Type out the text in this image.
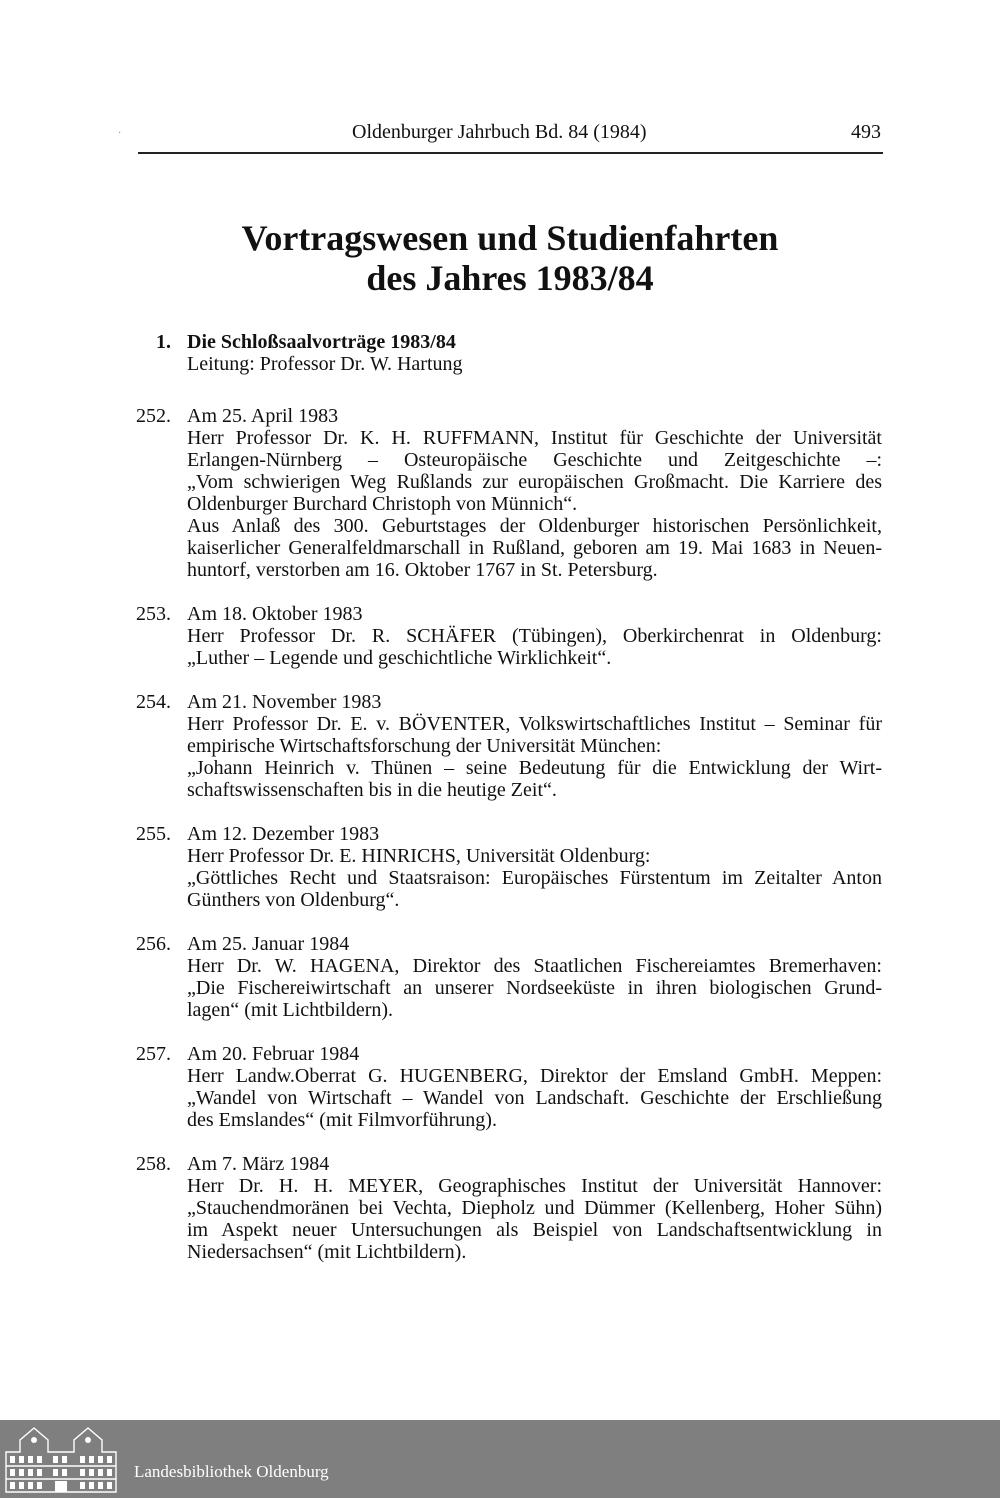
·	Oldenburger Jahrbuch Bd. 84 (1984)	493
Vortragswesen und Studienfahrten
des Jahres 1983/84
1. Die Schloßsaalvorträge 1983/84
Leitung: Professor Dr. W. Hartung
252. Am 25. April 1983
Herr Professor Dr. K. H. RUFFMANN, Institut für Geschichte der Universität
Erlangen-Nürnberg – Osteuropäische Geschichte und Zeitgeschichte –:
„Vom schwierigen Weg Rußlands zur europäischen Großmacht. Die Karriere des
Oldenburger Burchard Christoph von Münnich“.
Aus Anlaß des 300. Geburtstages der Oldenburger historischen Persönlichkeit,
kaiserlicher Generalfeldmarschall in Rußland, geboren am 19. Mai 1683 in Neuen-
huntorf, verstorben am 16. Oktober 1767 in St. Petersburg.
253. Am 18. Oktober 1983
Herr Professor Dr. R. SCHÄFER (Tübingen), Oberkirchenrat in Oldenburg:
„Luther – Legende und geschichtliche Wirklichkeit“.
254. Am 21. November 1983
Herr Professor Dr. E. v. BÖVENTER, Volkswirtschaftliches Institut – Seminar für
empirische Wirtschaftsforschung der Universität München:
„Johann Heinrich v. Thünen – seine Bedeutung für die Entwicklung der Wirt-
schaftswissenschaften bis in die heutige Zeit“.
255. Am 12. Dezember 1983
Herr Professor Dr. E. HINRICHS, Universität Oldenburg:
„Göttliches Recht und Staatsraison: Europäisches Fürstentum im Zeitalter Anton
Günthers von Oldenburg“.
256. Am 25. Januar 1984
Herr Dr. W. HAGENA, Direktor des Staatlichen Fischereiamtes Bremerhaven:
„Die Fischereiwirtschaft an unserer Nordseeküste in ihren biologischen Grund-
lagen“ (mit Lichtbildern).
257. Am 20. Februar 1984
Herr Landw.Oberrat G. HUGENBERG, Direktor der Emsland GmbH. Meppen:
„Wandel von Wirtschaft – Wandel von Landschaft. Geschichte der Erschließung
des Emslandes“ (mit Filmvorführung).
258. Am 7. März 1984
Herr Dr. H. H. MEYER, Geographisches Institut der Universität Hannover:
„Stauchendmoränen bei Vechta, Diepholz und Dümmer (Kellenberg, Hoher Sühn)
im Aspekt neuer Untersuchungen als Beispiel von Landschaftsentwicklung in
Niedersachsen“ (mit Lichtbildern).
Landesbibliothek Oldenburg
